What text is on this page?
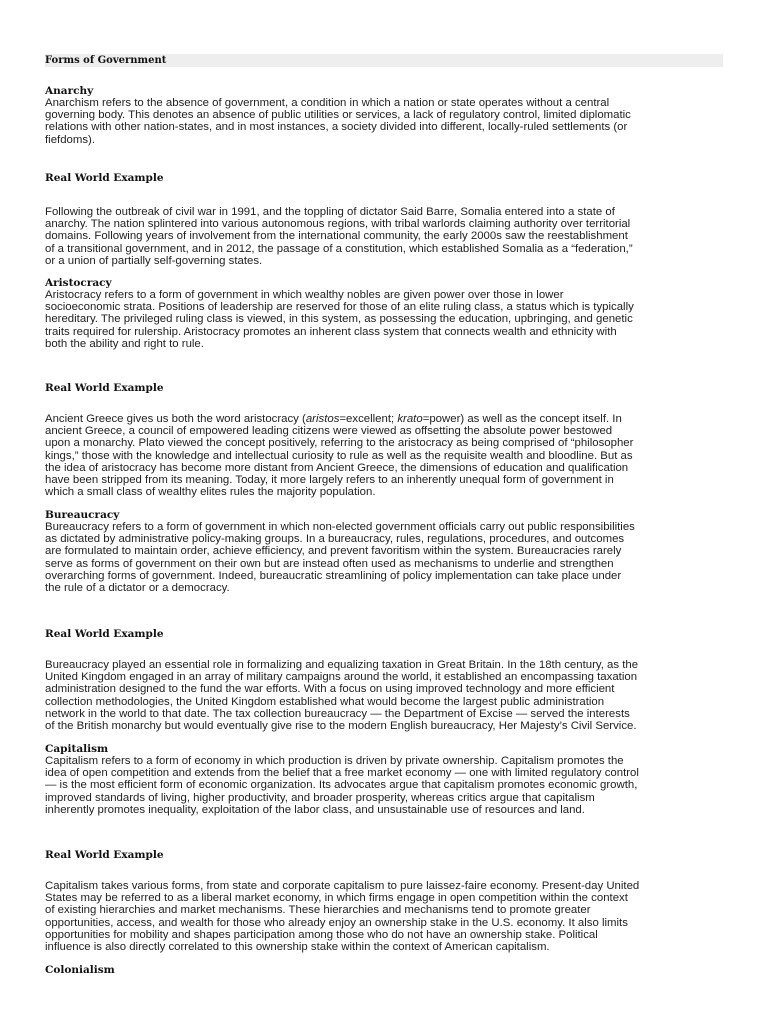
Forms of Government
Anarchy
Anarchism refers to the absence of government, a condition in which a nation or state operates without a central
governing body. This denotes an absence of public utilities or services, a lack of regulatory control, limited diplomatic
relations with other nation-states, and in most instances, a society divided into different, locally-ruled settlements (or
fiefdoms).
Real World Example
Following the outbreak of civil war in 1991, and the toppling of dictator Said Barre, Somalia entered into a state of
anarchy. The nation splintered into various autonomous regions, with tribal warlords claiming authority over territorial
domains. Following years of involvement from the international community, the early 2000s saw the reestablishment
of a transitional government, and in 2012, the passage of a constitution, which established Somalia as a “federation,”
or a union of partially self-governing states.
Aristocracy
Aristocracy refers to a form of government in which wealthy nobles are given power over those in lower
socioeconomic strata. Positions of leadership are reserved for those of an elite ruling class, a status which is typically
hereditary. The privileged ruling class is viewed, in this system, as possessing the education, upbringing, and genetic
traits required for rulership. Aristocracy promotes an inherent class system that connects wealth and ethnicity with
both the ability and right to rule.
Real World Example
Ancient Greece gives us both the word aristocracy (aristos=excellent; krato=power) as well as the concept itself. In
ancient Greece, a council of empowered leading citizens were viewed as offsetting the absolute power bestowed
upon a monarchy. Plato viewed the concept positively, referring to the aristocracy as being comprised of “philosopher
kings,” those with the knowledge and intellectual curiosity to rule as well as the requisite wealth and bloodline. But as
the idea of aristocracy has become more distant from Ancient Greece, the dimensions of education and qualification
have been stripped from its meaning. Today, it more largely refers to an inherently unequal form of government in
which a small class of wealthy elites rules the majority population.
Bureaucracy
Bureaucracy refers to a form of government in which non-elected government officials carry out public responsibilities
as dictated by administrative policy-making groups. In a bureaucracy, rules, regulations, procedures, and outcomes
are formulated to maintain order, achieve efficiency, and prevent favoritism within the system. Bureaucracies rarely
serve as forms of government on their own but are instead often used as mechanisms to underlie and strengthen
overarching forms of government. Indeed, bureaucratic streamlining of policy implementation can take place under
the rule of a dictator or a democracy.
Real World Example
Bureaucracy played an essential role in formalizing and equalizing taxation in Great Britain. In the 18th century, as the
United Kingdom engaged in an array of military campaigns around the world, it established an encompassing taxation
administration designed to the fund the war efforts. With a focus on using improved technology and more efficient
collection methodologies, the United Kingdom established what would become the largest public administration
network in the world to that date. The tax collection bureaucracy — the Department of Excise — served the interests
of the British monarchy but would eventually give rise to the modern English bureaucracy, Her Majesty’s Civil Service.
Capitalism
Capitalism refers to a form of economy in which production is driven by private ownership. Capitalism promotes the
idea of open competition and extends from the belief that a free market economy — one with limited regulatory control
— is the most efficient form of economic organization. Its advocates argue that capitalism promotes economic growth,
improved standards of living, higher productivity, and broader prosperity, whereas critics argue that capitalism
inherently promotes inequality, exploitation of the labor class, and unsustainable use of resources and land.
Real World Example
Capitalism takes various forms, from state and corporate capitalism to pure laissez-faire economy. Present-day United
States may be referred to as a liberal market economy, in which firms engage in open competition within the context
of existing hierarchies and market mechanisms. These hierarchies and mechanisms tend to promote greater
opportunities, access, and wealth for those who already enjoy an ownership stake in the U.S. economy. It also limits
opportunities for mobility and shapes participation among those who do not have an ownership stake. Political
influence is also directly correlated to this ownership stake within the context of American capitalism.
Colonialism
